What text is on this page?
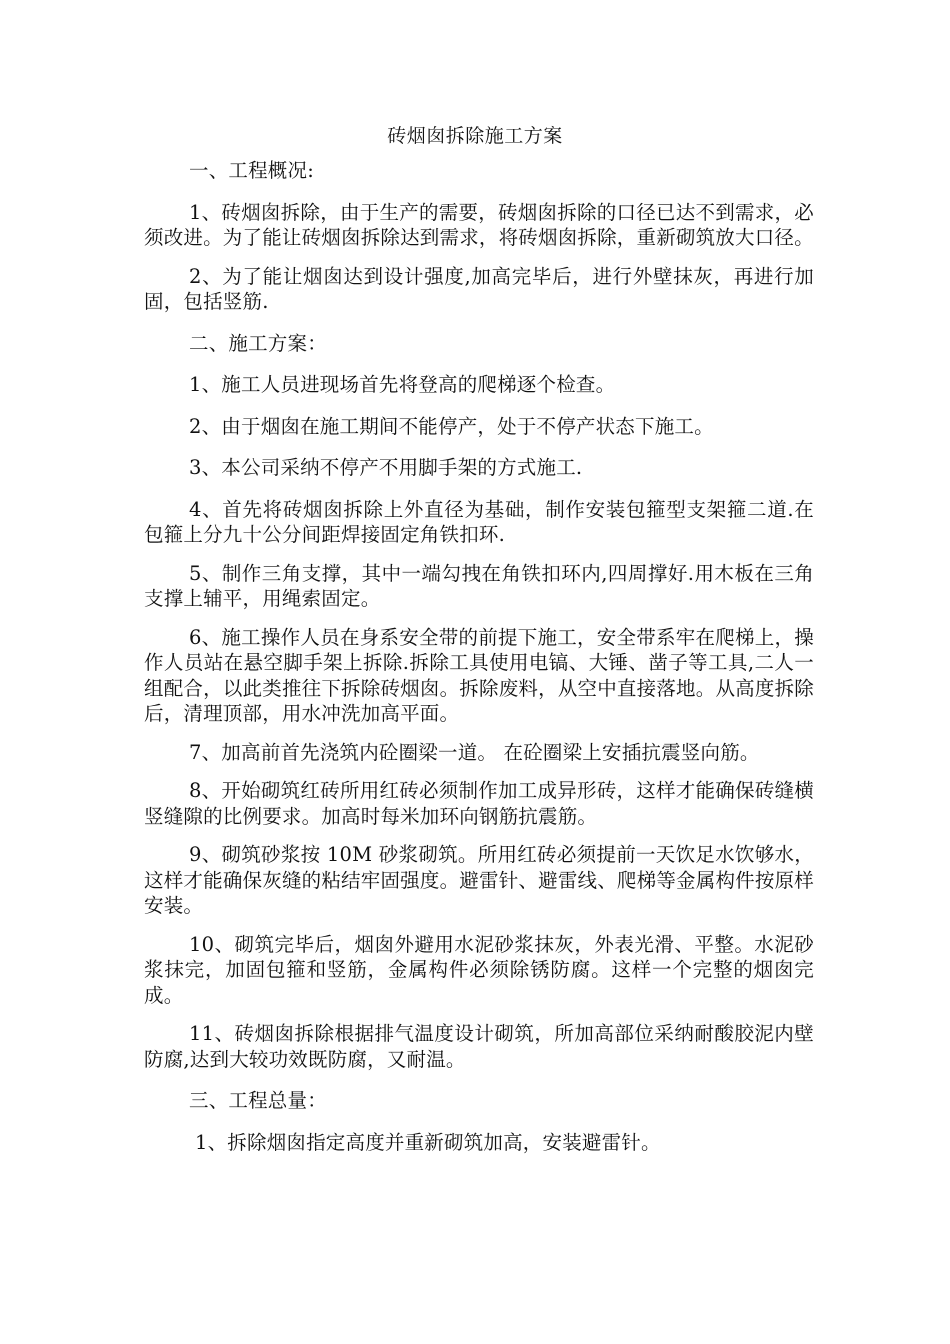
砖烟囱拆除施工方案

一、工程概况:

1、砖烟囱拆除，由于生产的需要，砖烟囱拆除的口径已达不到需求，必须改进。为了能让砖烟囱拆除达到需求，将砖烟囱拆除，重新砌筑放大口径。

2、为了能让烟囱达到设计强度,加高完毕后，进行外壁抹灰，再进行加固，包括竖筋.

二、施工方案：

1、施工人员进现场首先将登高的爬梯逐个检查。

2、由于烟囱在施工期间不能停产，处于不停产状态下施工。

3、本公司采纳不停产不用脚手架的方式施工.

4、首先将砖烟囱拆除上外直径为基础，制作安装包箍型支架箍二道.在包箍上分九十公分间距焊接固定角铁扣环.

5、制作三角支撑，其中一端勾拽在角铁扣环内,四周撑好.用木板在三角支撑上辅平，用绳索固定。

6、施工操作人员在身系安全带的前提下施工，安全带系牢在爬梯上，操作人员站在悬空脚手架上拆除.拆除工具使用电镐、大锤、凿子等工具,二人一组配合，以此类推往下拆除砖烟囱。拆除废料，从空中直接落地。从高度拆除后，清理顶部，用水冲洗加高平面。

7、加高前首先浇筑内砼圈梁一道。 在砼圈梁上安插抗震竖向筋。

8、开始砌筑红砖所用红砖必须制作加工成异形砖，这样才能确保砖缝横竖缝隙的比例要求。加高时每米加环向钢筋抗震筋。

9、砌筑砂浆按 10M 砂浆砌筑。所用红砖必须提前一天饮足水饮够水，这样才能确保灰缝的粘结牢固强度。避雷针、避雷线、爬梯等金属构件按原样安装。

10、砌筑完毕后，烟囱外避用水泥砂浆抹灰，外表光滑、平整。水泥砂浆抹完，加固包箍和竖筋，金属构件必须除锈防腐。这样一个完整的烟囱完成。

11、砖烟囱拆除根据排气温度设计砌筑，所加高部位采纳耐酸胶泥内壁防腐,达到大较功效既防腐，又耐温。

三、工程总量：

1、拆除烟囱指定高度并重新砌筑加高，安装避雷针。
